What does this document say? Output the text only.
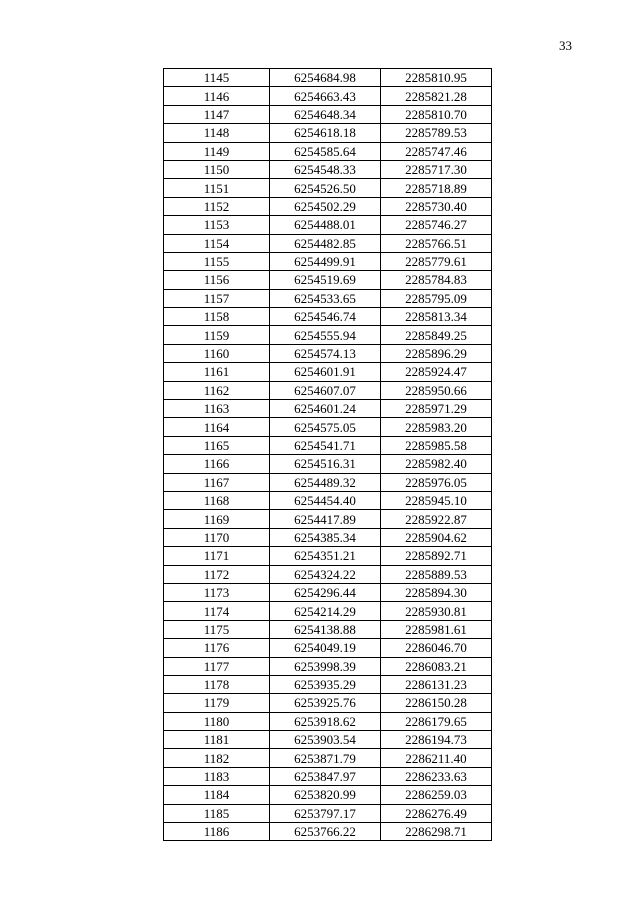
33
1145	6254684.98	2285810.95
1146	6254663.43	2285821.28
1147	6254648.34	2285810.70
1148	6254618.18	2285789.53
1149	6254585.64	2285747.46
1150	6254548.33	2285717.30
1151	6254526.50	2285718.89
1152	6254502.29	2285730.40
1153	6254488.01	2285746.27
1154	6254482.85	2285766.51
1155	6254499.91	2285779.61
1156	6254519.69	2285784.83
1157	6254533.65	2285795.09
1158	6254546.74	2285813.34
1159	6254555.94	2285849.25
1160	6254574.13	2285896.29
1161	6254601.91	2285924.47
1162	6254607.07	2285950.66
1163	6254601.24	2285971.29
1164	6254575.05	2285983.20
1165	6254541.71	2285985.58
1166	6254516.31	2285982.40
1167	6254489.32	2285976.05
1168	6254454.40	2285945.10
1169	6254417.89	2285922.87
1170	6254385.34	2285904.62
1171	6254351.21	2285892.71
1172	6254324.22	2285889.53
1173	6254296.44	2285894.30
1174	6254214.29	2285930.81
1175	6254138.88	2285981.61
1176	6254049.19	2286046.70
1177	6253998.39	2286083.21
1178	6253935.29	2286131.23
1179	6253925.76	2286150.28
1180	6253918.62	2286179.65
1181	6253903.54	2286194.73
1182	6253871.79	2286211.40
1183	6253847.97	2286233.63
1184	6253820.99	2286259.03
1185	6253797.17	2286276.49
1186	6253766.22	2286298.71
